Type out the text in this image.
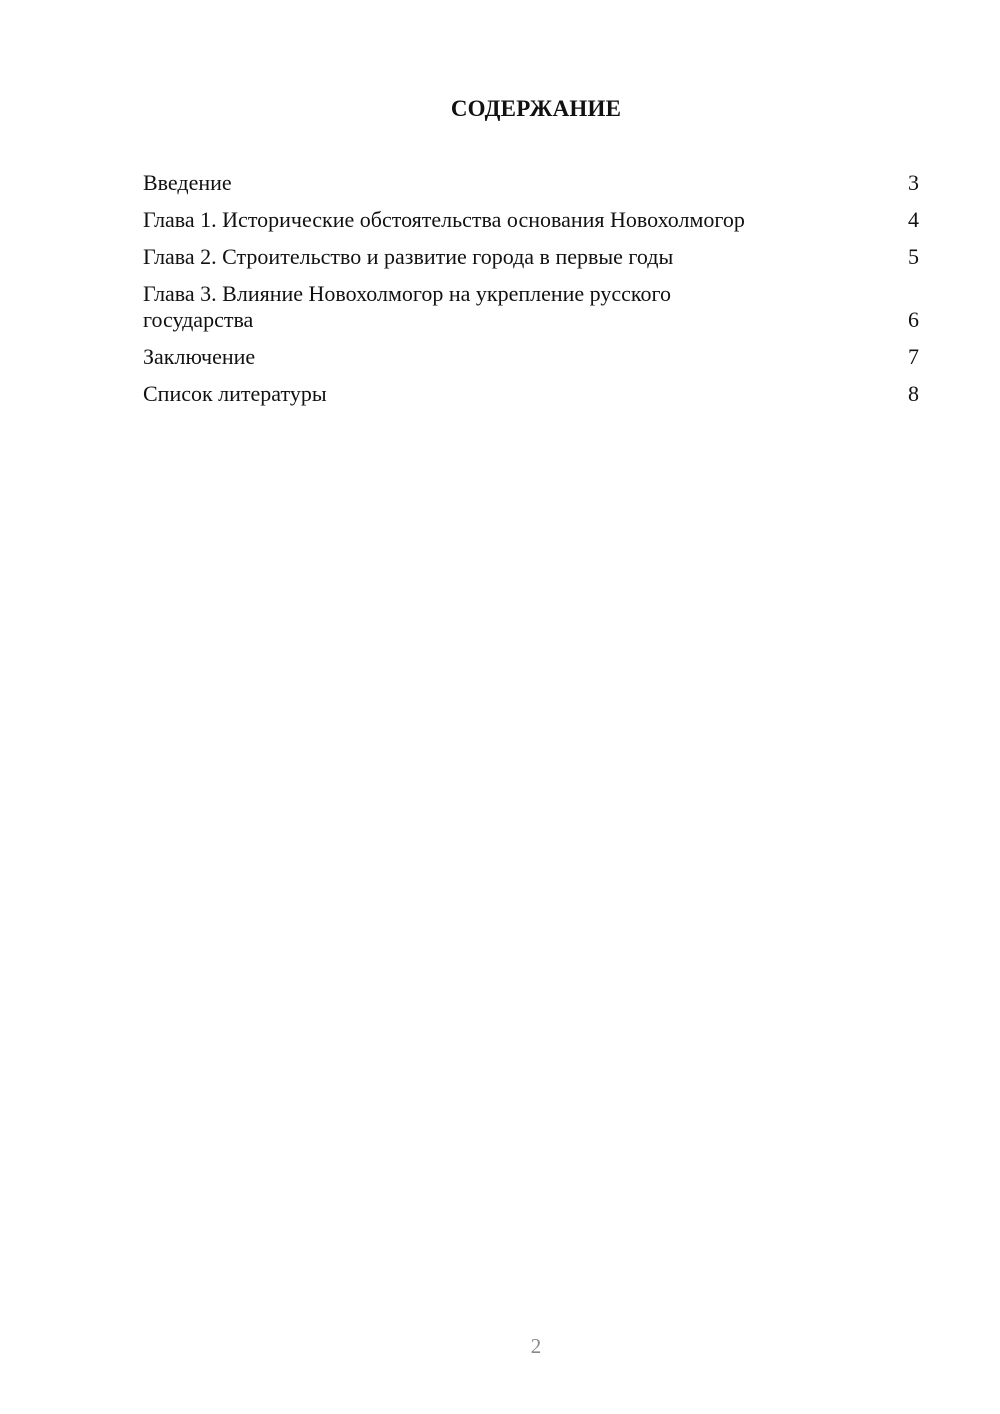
СОДЕРЖАНИЕ
Введение	3
Глава 1. Исторические обстоятельства основания Новохолмогор	4
Глава 2. Строительство и развитие города в первые годы	5
Глава 3. Влияние Новохолмогор на укрепление русского государства	6
Заключение	7
Список литературы	8
2
